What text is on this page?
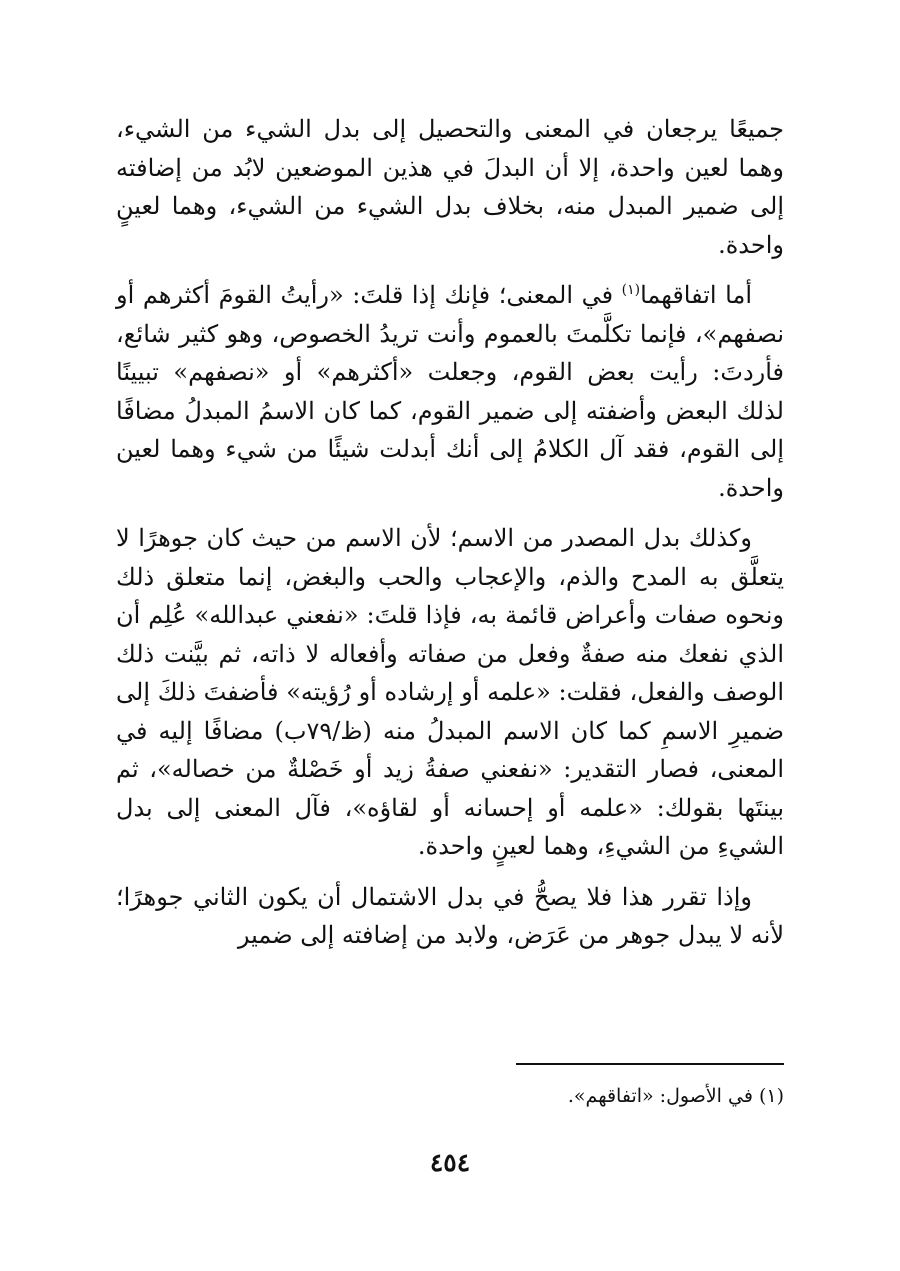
جميعًا يرجعان في المعنى والتحصيل إلى بدل الشيء من الشيء، وهما لعين واحدة، إلا أن البدلَ في هذين الموضعين لابُد من إضافته إلى ضمير المبدل منه، بخلاف بدل الشيء من الشيء، وهما لعينٍ واحدة.

أما اتفاقهما$^{(١)}$ في المعنى؛ فإنك إذا قلتَ: «رأيتُ القومَ أكثرهم أو نصفهم»، فإنما تكلَّمتَ بالعموم وأنت تريدُ الخصوص، وهو كثير شائع، فأردتَ: رأيت بعض القوم، وجعلت «أكثرهم» أو «نصفهم» تبيينًا لذلك البعض وأضفته إلى ضمير القوم، كما كان الاسمُ المبدلُ مضافًا إلى القوم، فقد آل الكلامُ إلى أنك أبدلت شيئًا من شيء وهما لعين واحدة.

وكذلك بدل المصدر من الاسم؛ لأن الاسم من حيث كان جوهرًا لا يتعلَّق به المدح والذم، والإعجاب والحب والبغض، إنما متعلق ذلك ونحوه صفات وأعراض قائمة به، فإذا قلتَ: «نفعني عبدالله» عُلِم أن الذي نفعك منه صفةٌ وفعل من صفاته وأفعاله لا ذاته، ثم بيَّنت ذلك الوصف والفعل، فقلت: «علمه أو إرشاده أو رُؤيته» فأضفتَ ذلكَ إلى ضميرِ الاسمِ كما كان الاسم المبدلُ منه (ظ/٧٩ب) مضافًا إليه في المعنى، فصار التقدير: «نفعني صفةُ زيد أو خَصْلةٌ من خصاله»، ثم بينتَها بقولك: «علمه أو إحسانه أو لقاؤه»، فآل المعنى إلى بدل الشيءِ من الشيءِ، وهما لعينٍ واحدة.

وإذا تقرر هذا فلا يصحُّ في بدل الاشتمال أن يكون الثاني جوهرًا؛ لأنه لا يبدل جوهر من عَرَض، ولابد من إضافته إلى ضمير

(١) في الأصول: «اتفاقهم».
٤٥٤
